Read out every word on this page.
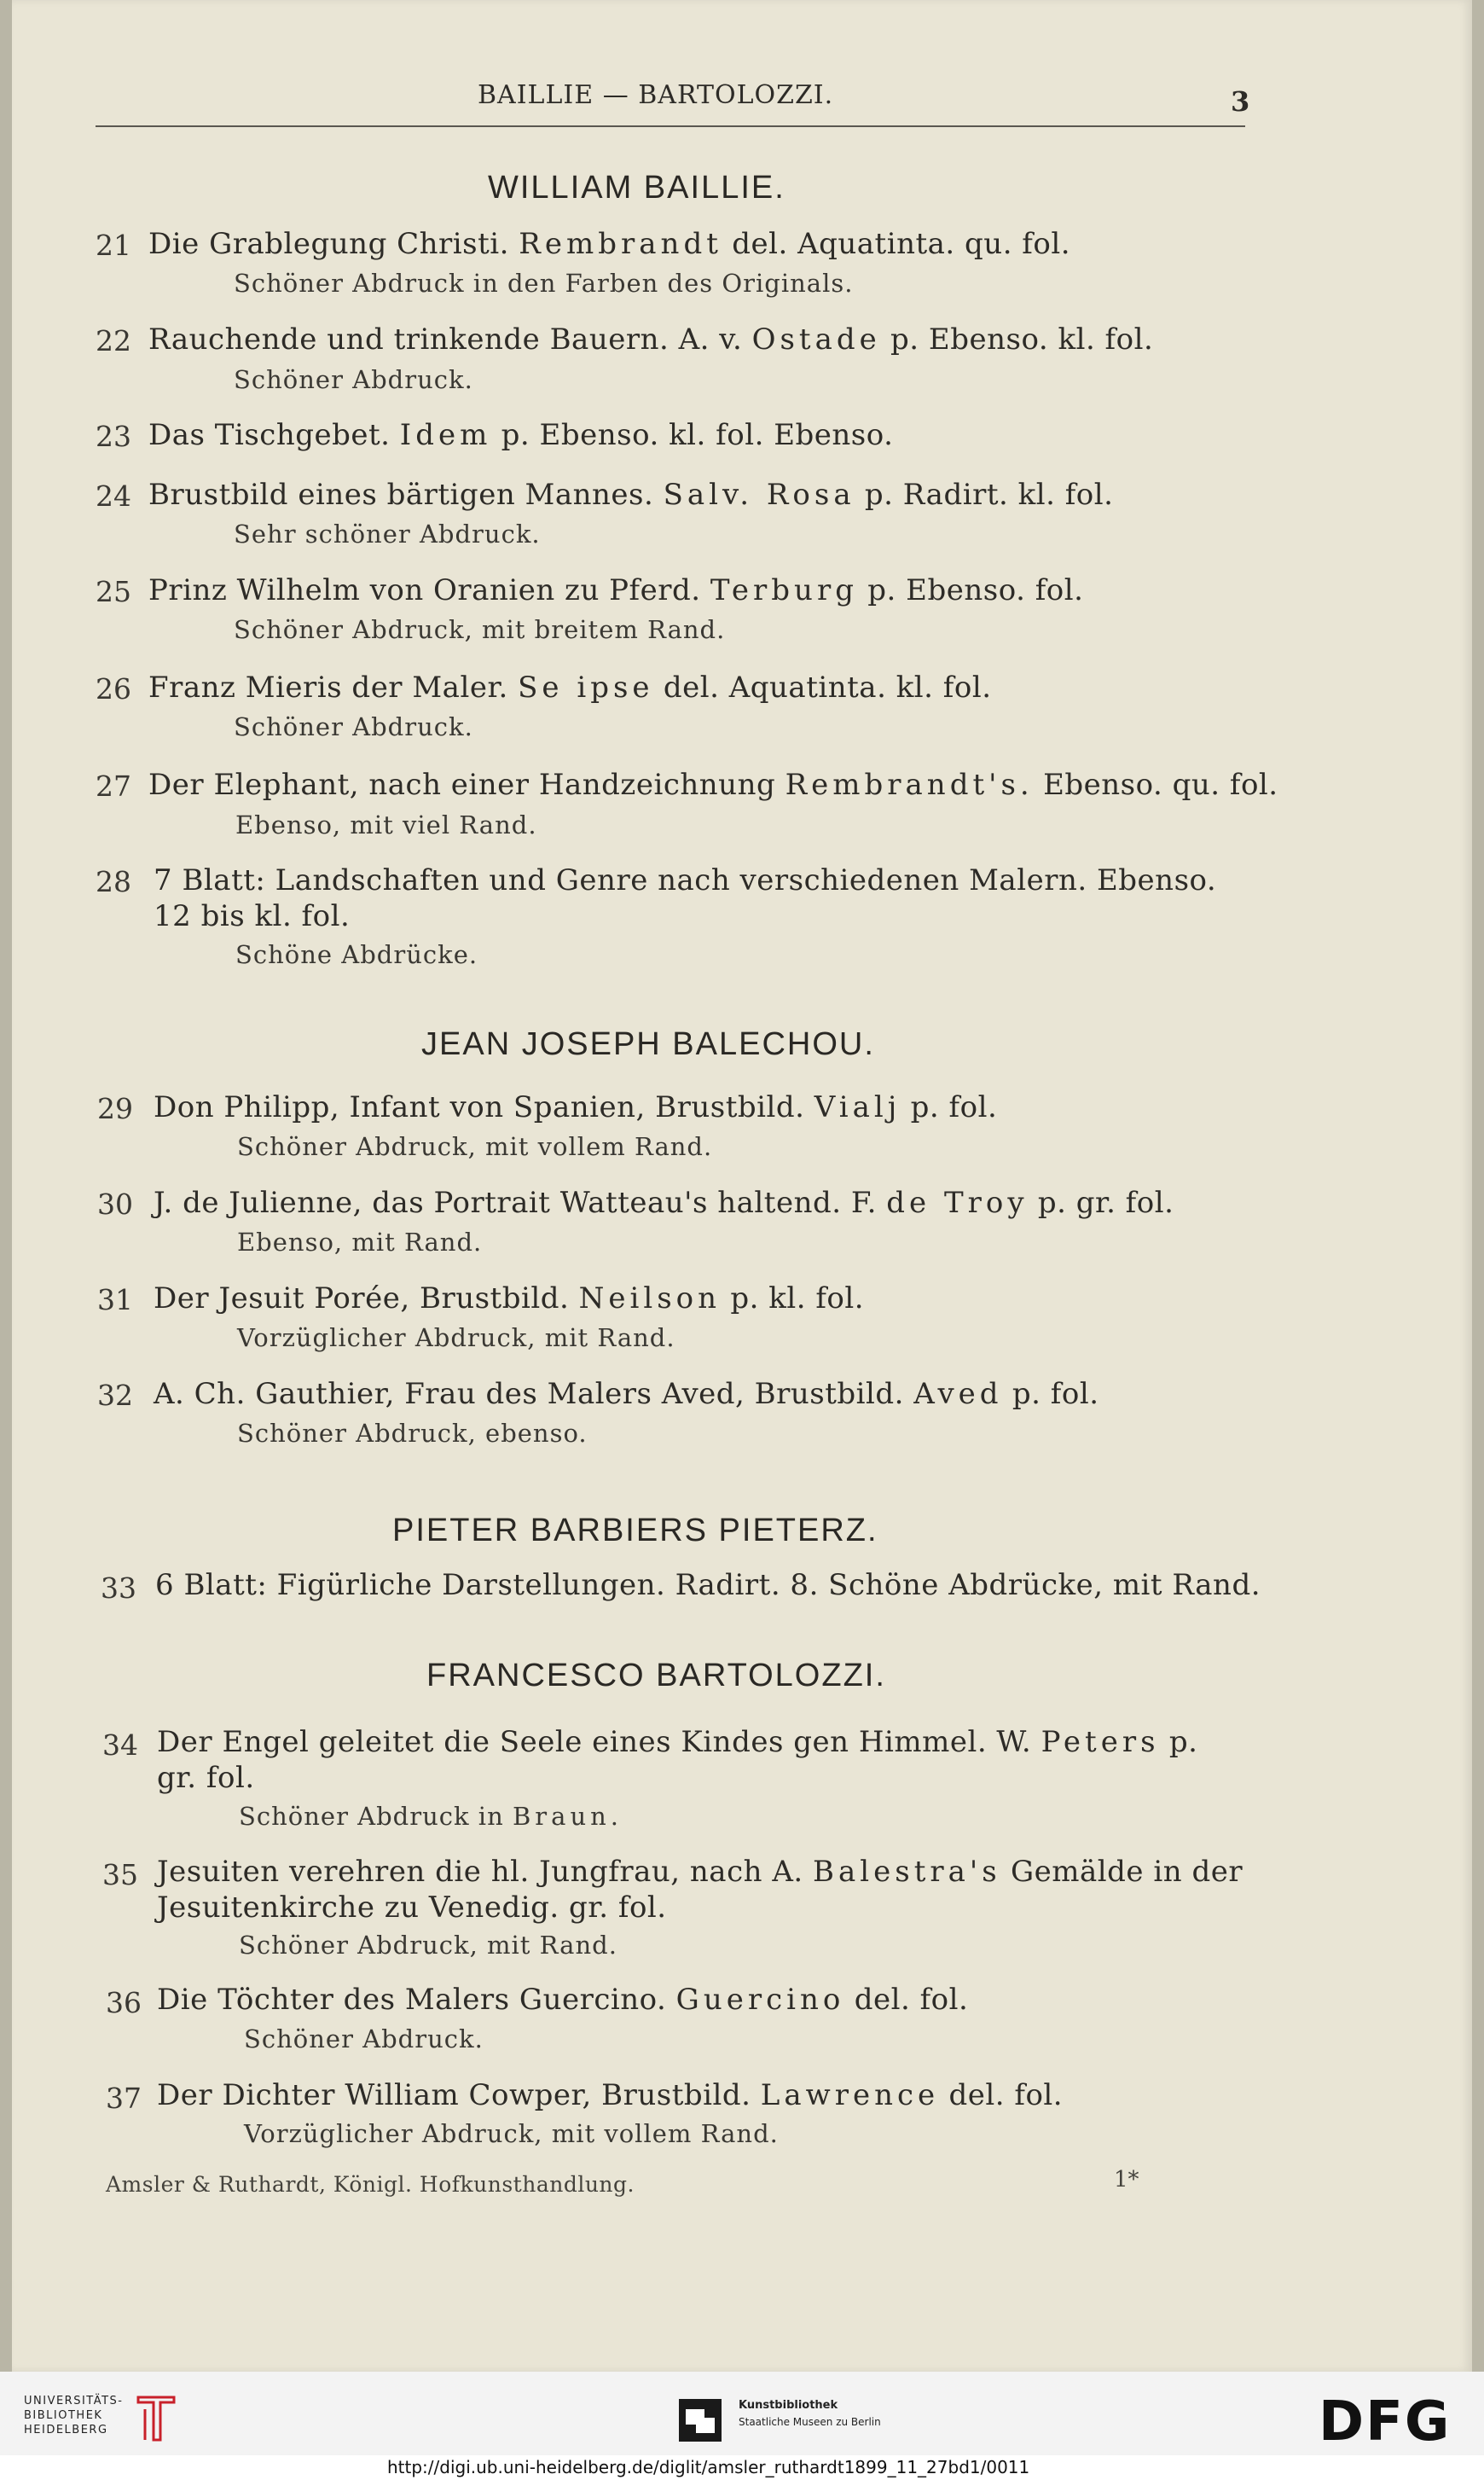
BAILLIE — BARTOLOZZI.	3
WILLIAM BAILLIE.
21 Die Grablegung Christi. Rembrandt del. Aquatinta. qu. fol.
Schöner Abdruck in den Farben des Originals.
22 Rauchende und trinkende Bauern. A. v. Ostade p. Ebenso. kl. fol.
Schöner Abdruck.
23 Das Tischgebet. Idem p. Ebenso. kl. fol. Ebenso.
24 Brustbild eines bärtigen Mannes. Salv. Rosa p. Radirt. kl. fol.
Sehr schöner Abdruck.
25 Prinz Wilhelm von Oranien zu Pferd. Terburg p. Ebenso. fol.
Schöner Abdruck, mit breitem Rand.
26 Franz Mieris der Maler. Se ipse del. Aquatinta. kl. fol.
Schöner Abdruck.
27 Der Elephant, nach einer Handzeichnung Rembrandt's. Ebenso. qu. fol.
Ebenso, mit viel Rand.
28 7 Blatt: Landschaften und Genre nach verschiedenen Malern. Ebenso.
12 bis kl. fol.
Schöne Abdrücke.
JEAN JOSEPH BALECHOU.
29 Don Philipp, Infant von Spanien, Brustbild. Vialj p. fol.
Schöner Abdruck, mit vollem Rand.
30 J. de Julienne, das Portrait Watteau's haltend. F. de Troy p. gr. fol.
Ebenso, mit Rand.
31 Der Jesuit Porée, Brustbild. Neilson p. kl. fol.
Vorzüglicher Abdruck, mit Rand.
32 A. Ch. Gauthier, Frau des Malers Aved, Brustbild. Aved p. fol.
Schöner Abdruck, ebenso.
PIETER BARBIERS PIETERZ.
33 6 Blatt: Figürliche Darstellungen. Radirt. 8. Schöne Abdrücke, mit Rand.
FRANCESCO BARTOLOZZI.
34 Der Engel geleitet die Seele eines Kindes gen Himmel. W. Peters p.
gr. fol.
Schöner Abdruck in Braun.
35 Jesuiten verehren die hl. Jungfrau, nach A. Balestra's Gemälde in der
Jesuitenkirche zu Venedig. gr. fol.
Schöner Abdruck, mit Rand.
36 Die Töchter des Malers Guercino. Guercino del. fol.
Schöner Abdruck.
37 Der Dichter William Cowper, Brustbild. Lawrence del. fol.
Vorzüglicher Abdruck, mit vollem Rand.
Amsler & Ruthardt, Königl. Hofkunsthandlung.	1*
UNIVERSITÄTS-
BIBLIOTHEK
HEIDELBERG
Kunstbibliothek
Staatliche Museen zu Berlin	DFG
http://digi.ub.uni-heidelberg.de/diglit/amsler_ruthardt1899_11_27bd1/0011
